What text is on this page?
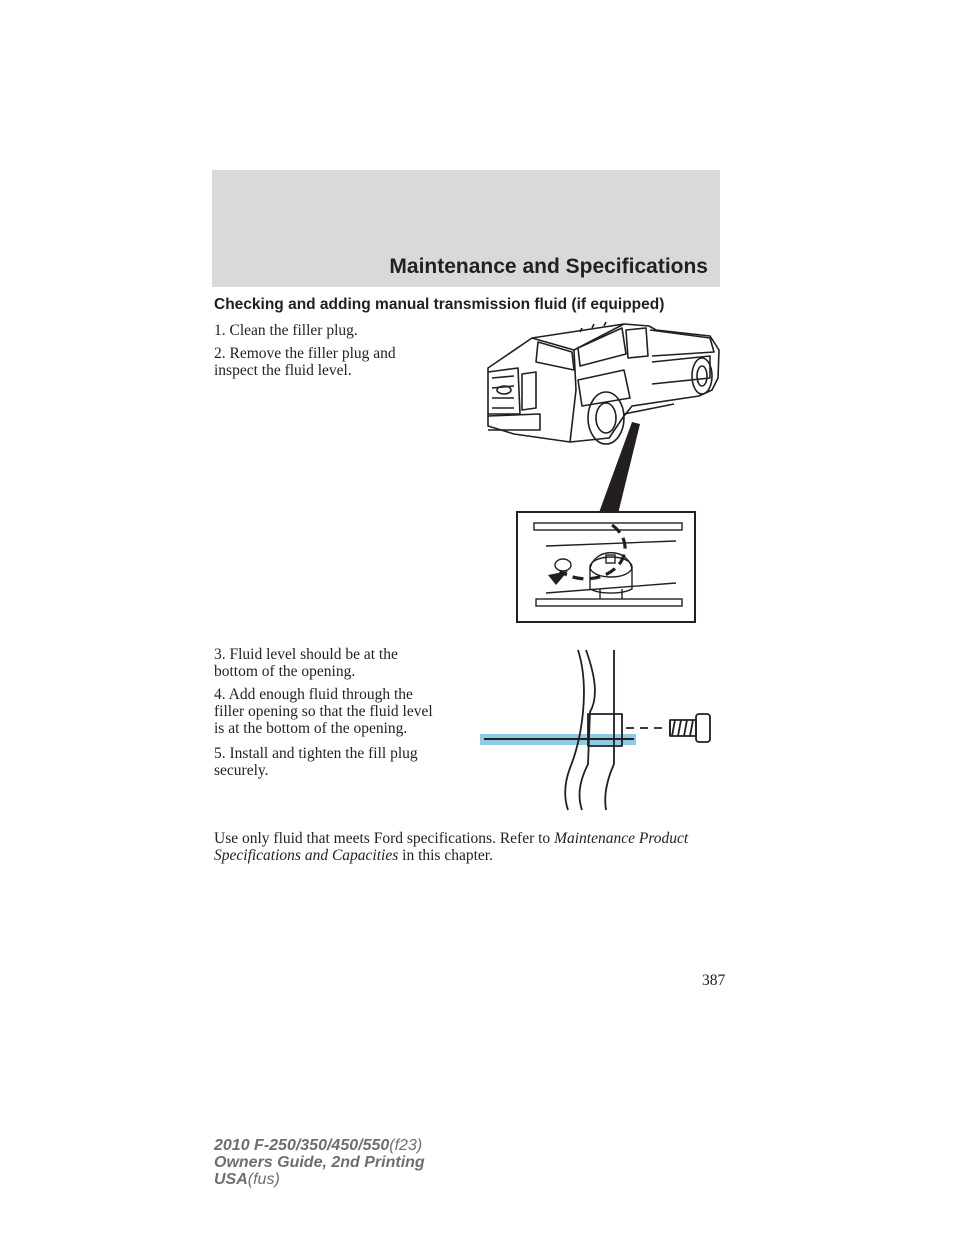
Maintenance and Specifications
Checking and adding manual transmission fluid (if equipped)
1. Clean the filler plug.
2. Remove the filler plug and
inspect the fluid level.
3. Fluid level should be at the
bottom of the opening.
4. Add enough fluid through the
filler opening so that the fluid level
is at the bottom of the opening.
5. Install and tighten the fill plug
securely.
Use only fluid that meets Ford specifications. Refer to Maintenance Product Specifications and Capacities in this chapter.
387
2010 F-250/350/450/550(f23)
Owners Guide, 2nd Printing
USA(fus)
